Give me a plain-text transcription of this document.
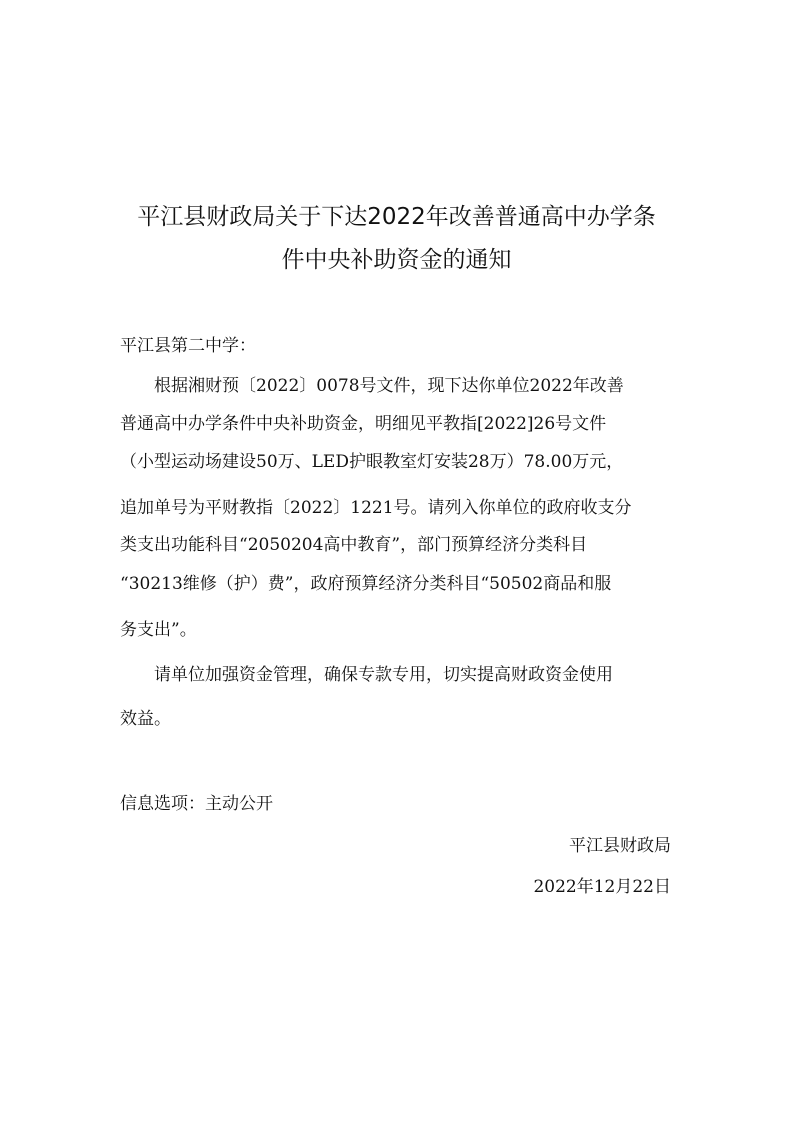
平江县财政局关于下达2022年改善普通高中办学条
件中央补助资金的通知

平江县第二中学：

　　根据湘财预〔2022〕0078号文件，现下达你单位2022年改善

普通高中办学条件中央补助资金，明细见平教指[2022]26号文件

（小型运动场建设50万、LED护眼教室灯安装28万）78.00万元，

追加单号为平财教指〔2022〕1221号。请列入你单位的政府收支分

类支出功能科目“2050204高中教育”，部门预算经济分类科目

“30213维修（护）费”，政府预算经济分类科目“50502商品和服

务支出”。

　　请单位加强资金管理，确保专款专用，切实提高财政资金使用

效益。

信息选项：主动公开

平江县财政局

2022年12月22日
